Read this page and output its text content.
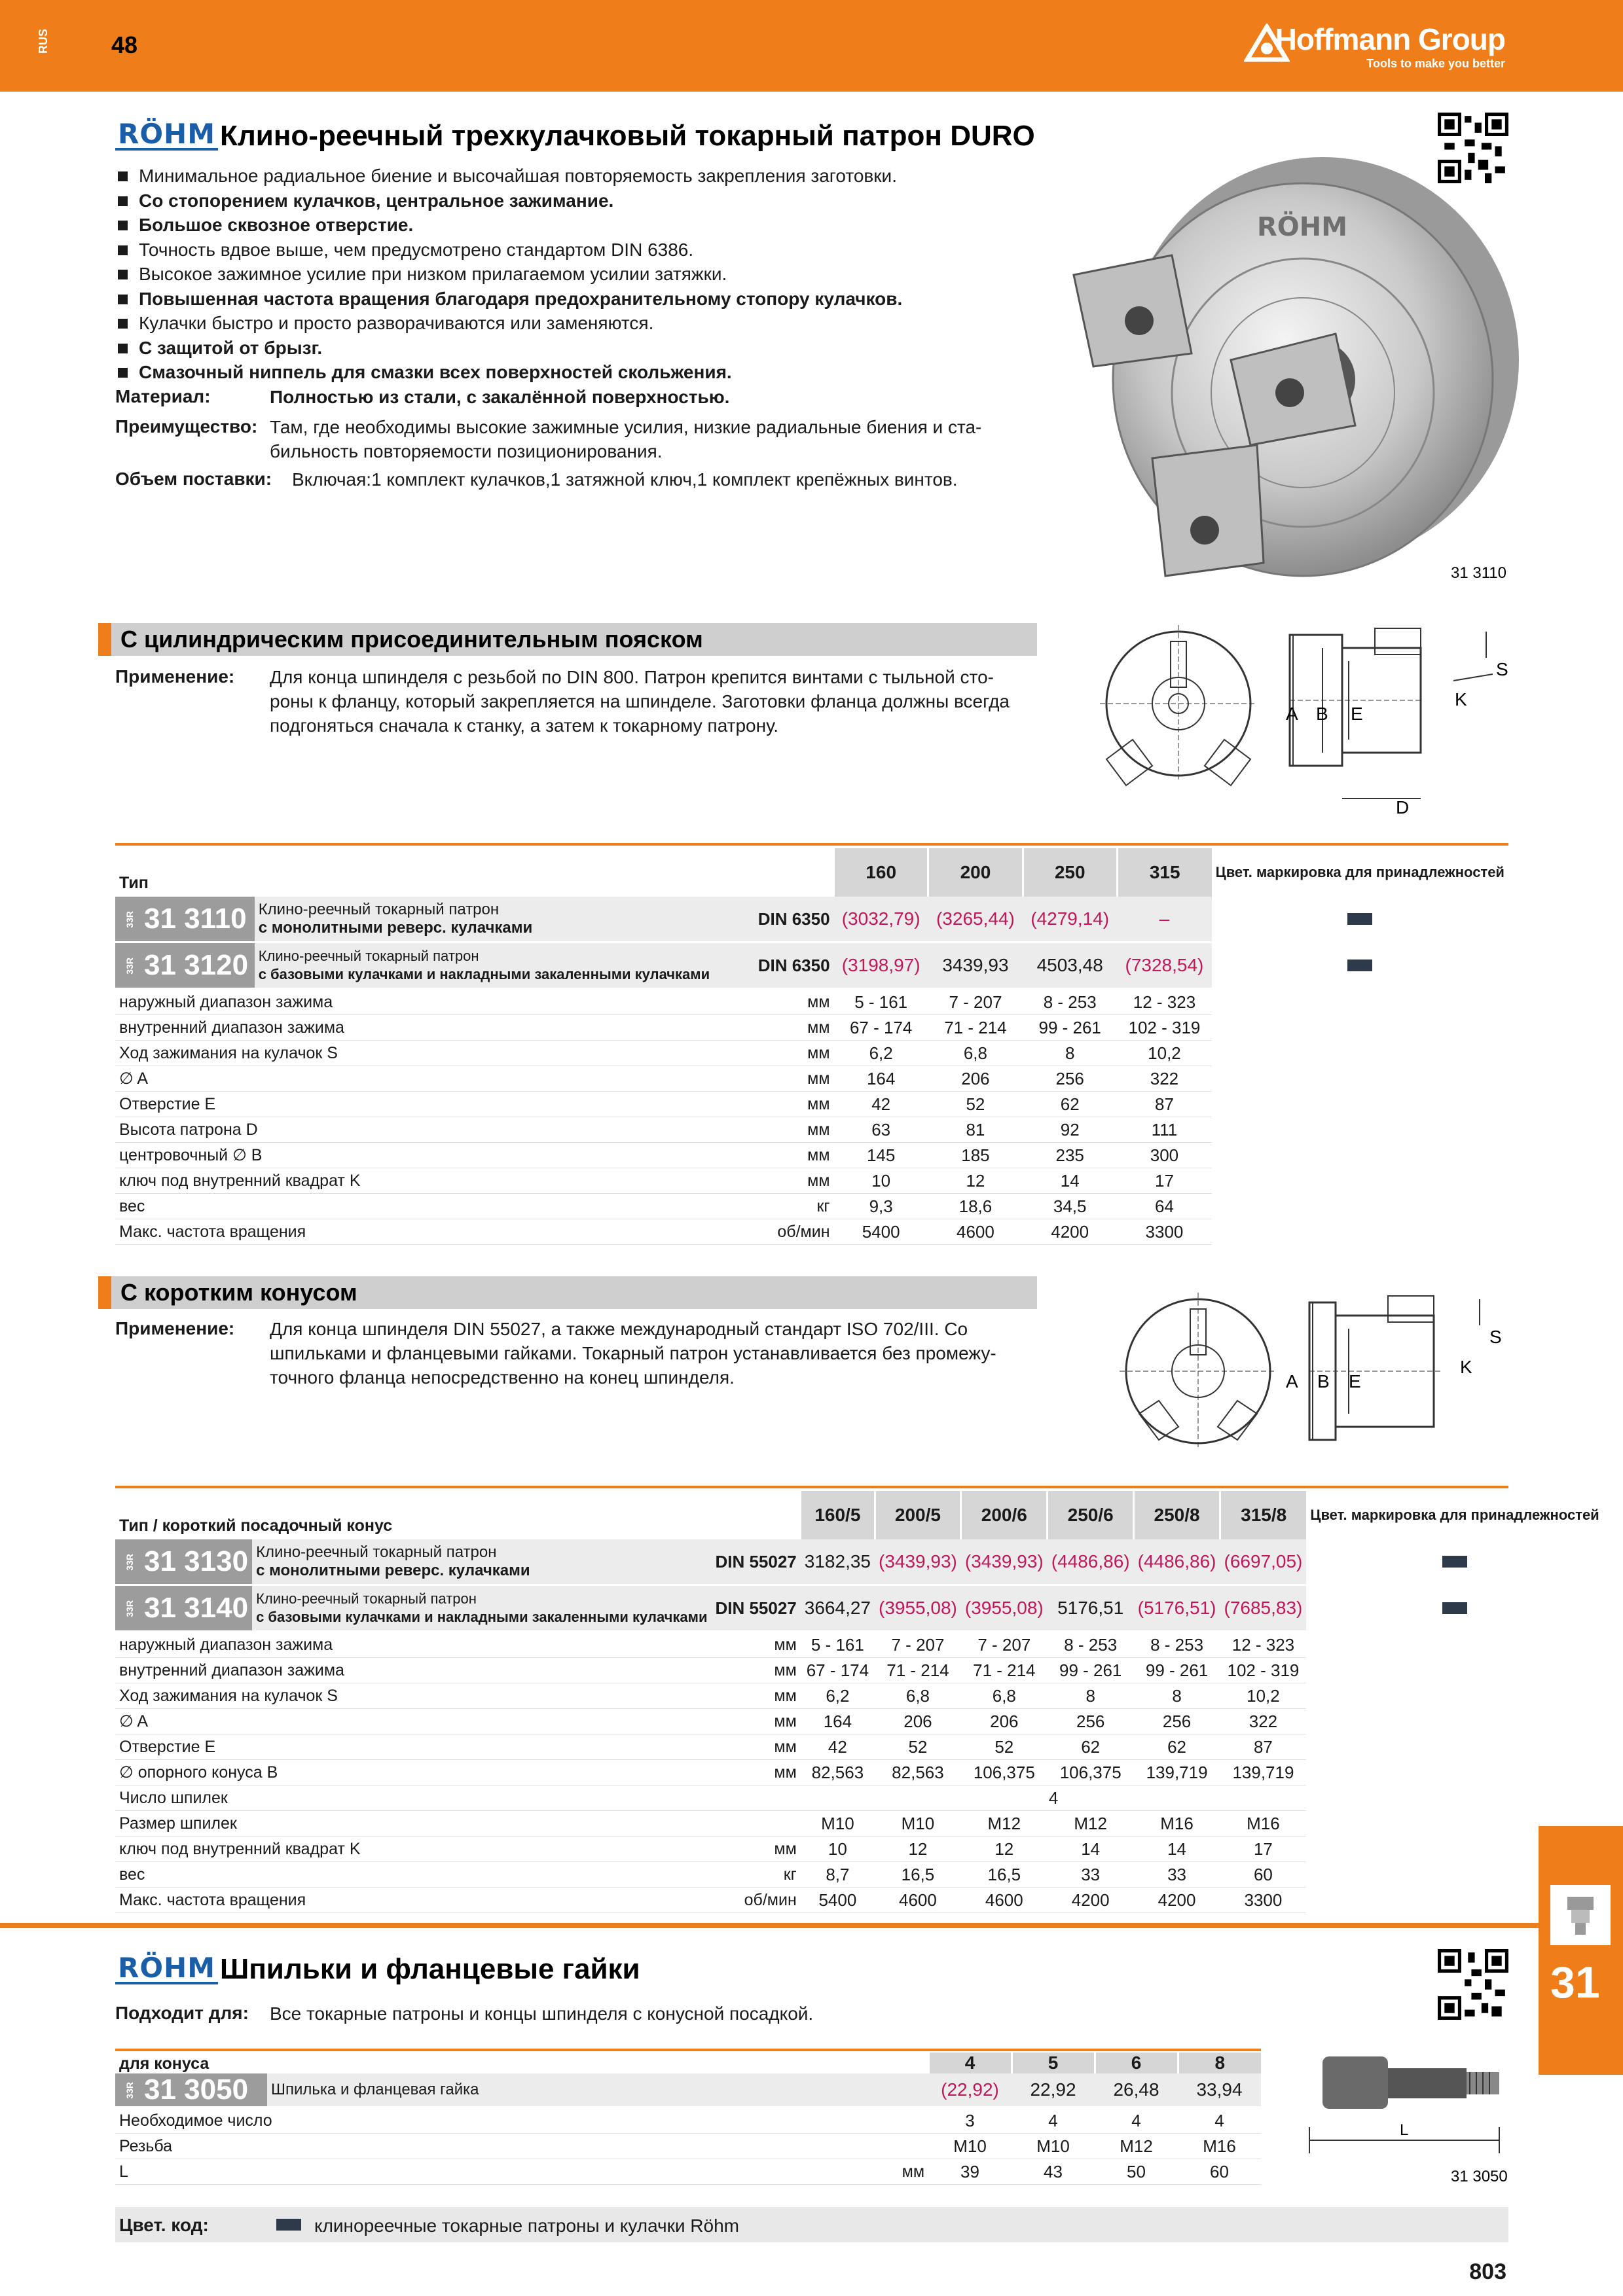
RUS	48	Hoffmann Group
Tools to make you better
RÖHM Клино-реечный трехкулачковый токарный патрон DURO
Минимальное радиальное биение и высочайшая повторяемость закрепления заготовки.
Со стопорением кулачков, центральное зажимание.
Большое сквозное отверстие.
Точность вдвое выше, чем предусмотрено стандартом DIN 6386.
Высокое зажимное усилие при низком прилагаемом усилии затяжки.
Повышенная частота вращения благодаря предохранительному стопору кулачков.
Кулачки быстро и просто разворачиваются или заменяются.
С защитой от брызг.
Смазочный ниппель для смазки всех поверхностей скольжения.
Материал:	Полностью из стали, с закалённой поверхностью.
Преимущество: Там, где необходимы высокие зажимные усилия, низкие радиальные биения и ста-
бильность повторяемости позиционирования.
Объем поставки: Включая:1 комплект кулачков,1 затяжной ключ,1 комплект крепёжных винтов.
RÖHM
31 3110
С цилиндрическим присоединительным пояском
Применение: Для конца шпинделя с резьбой по DIN 800. Патрон крепится винтами с тыльной сто-
роны к фланцу, который закрепляется на шпинделе. Заготовки фланца должны всегда
подгоняться сначала к станку, а затем к токарному патрону.
A B E
S
K
D
Тип			160	200	250	315	Цвет. маркировка для принадлежностей
33R 31 3110	Клино-реечный токарный патрон
с монолитными реверс. кулачками	DIN 6350	(3032,79)	(3265,44)	(4279,14)	–	
33R 31 3120	Клино-реечный токарный патрон
с базовыми кулачками и накладными закаленными кулачками	DIN 6350	(3198,97)	3439,93	4503,48	(7328,54)	
наружный диапазон зажима		мм	5 - 161	7 - 207	8 - 253	12 - 323	
внутренний диапазон зажима		мм	67 - 174	71 - 214	99 - 261	102 - 319	
Ход зажимания на кулачок S		мм	6,2	6,8	8	10,2	
∅ A		мм	164	206	256	322	
Отверстие E		мм	42	52	62	87	
Высота патрона D		мм	63	81	92	111	
центровочный ∅ B		мм	145	185	235	300	
ключ под внутренний квадрат K		мм	10	12	14	17	
вес		кг	9,3	18,6	34,5	64	
Макс. частота вращения		об/мин	5400	4600	4200	3300	
С коротким конусом
Применение: Для конца шпинделя DIN 55027, а также международный стандарт ISO 702/III. Со
шпильками и фланцевыми гайками. Токарный патрон устанавливается без промежу-
точного фланца непосредственно на конец шпинделя.	A B E
S
K
Тип / короткий посадочный конус			160/5	200/5	200/6	250/6	250/8	315/8	Цвет. маркировка для принадлежностей
33R 31 3130	Клино-реечный токарный патрон
с монолитными реверс. кулачками	DIN 55027	3182,35	(3439,93)	(3439,93)	(4486,86)	(4486,86)	(6697,05)	
33R 31 3140	Клино-реечный токарный патрон
с базовыми кулачками и накладными закаленными кулачками	DIN 55027	3664,27	(3955,08)	(3955,08)	5176,51	(5176,51)	(7685,83)	
наружный диапазон зажима		мм	5 - 161	7 - 207	7 - 207	8 - 253	8 - 253	12 - 323	
внутренний диапазон зажима		мм	67 - 174	71 - 214	71 - 214	99 - 261	99 - 261	102 - 319	
Ход зажимания на кулачок S		мм	6,2	6,8	6,8	8	8	10,2	
∅ A		мм	164	206	206	256	256	322	
Отверстие E		мм	42	52	52	62	62	87	
∅ опорного конуса B		мм	82,563	82,563	106,375	106,375	139,719	139,719	
Число шпилек			4						
Размер шпилек			M10	M10	M12	M12	M16	M16	
ключ под внутренний квадрат K		мм	10	12	12	14	14	17	
вес		кг	8,7	16,5	16,5	33	33	60	
Макс. частота вращения		об/мин	5400	4600	4600	4200	4200	3300	
31
RÖHM Шпильки и фланцевые гайки
Подходит для: Все токарные патроны и концы шпинделя с конусной посадкой.
для конуса			4	5	6	8
33R 31 3050	Шпилька и фланцевая гайка		(22,92)	22,92	26,48	33,94
Необходимое число			3	4	4	4
Резьба			M10	M10	M12	M16
L		мм	39	43	50	60
L
31 3050
Цвет. код:	клинореечные токарные патроны и кулачки Röhm
803
